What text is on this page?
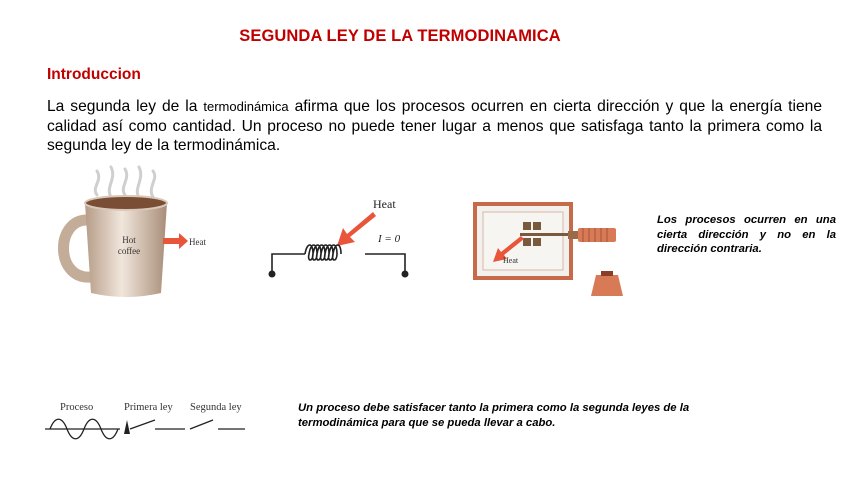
SEGUNDA LEY DE LA TERMODINAMICA
Introduccion
La segunda ley de la termodinámica afirma que los procesos ocurren en cierta dirección y que la energía tiene calidad así como cantidad. Un proceso no puede tener lugar a menos que satisfaga tanto la primera como la segunda ley de la termodinámica.
Hot
coffee
Heat
Heat
I = 0
Heat
Los procesos ocurren en una cierta dirección y no en la dirección contraria.
Proceso	Primera ley Segunda ley	Un proceso debe satisfacer tanto la primera como la segunda leyes de la termodinámica para que se pueda llevar a cabo.
